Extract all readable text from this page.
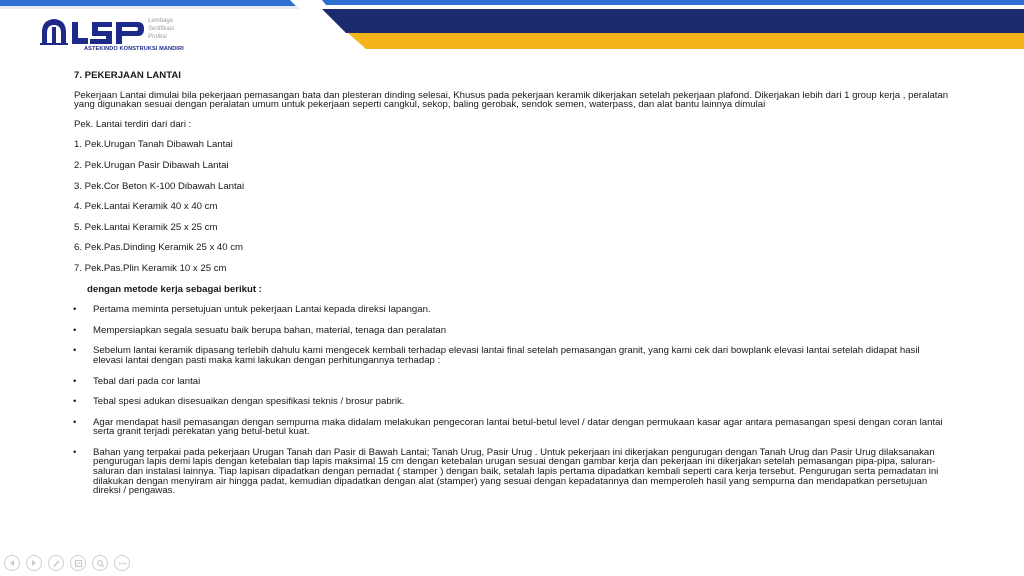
Lembaga
Sertifikasi
Profesi
ASTEKINDO KONSTRUKSI MANDIRI
7. PEKERJAAN LANTAI
Pekerjaan Lantai dimulai bila pekerjaan pemasangan bata dan plesteran dinding selesai, Khusus pada pekerjaan keramik dikerjakan setelah pekerjaan plafond. Dikerjakan lebih dari 1 group kerja , peralatan yang digunakan sesuai dengan peralatan umum untuk pekerjaan seperti cangkul, sekop, baling gerobak, sendok semen, waterpass, dan alat bantu lainnya dimulai
Pek. Lantai terdiri dari dari :
1. Pek.Urugan Tanah Dibawah Lantai
2. Pek.Urugan Pasir Dibawah Lantai
3. Pek.Cor Beton K-100 Dibawah Lantai
4. Pek.Lantai Keramik 40 x 40 cm
5. Pek.Lantai Keramik 25 x 25 cm
6. Pek.Pas.Dinding Keramik 25 x 40 cm
7. Pek.Pas.Plin Keramik 10 x 25 cm
dengan metode kerja sebagai berikut :
• Pertama meminta persetujuan untuk pekerjaan Lantai kepada direksi lapangan.
• Mempersiapkan segala sesuatu baik berupa bahan, material, tenaga dan peralatan
• Sebelum lantai keramik dipasang terlebih dahulu kami mengecek kembali terhadap elevasi lantai final setelah pemasangan granit, yang kami cek dari bowplank elevasi lantai setelah didapat hasil elevasi lantai dengan pasti maka kami lakukan dengan perhitungannya terhadap :
• Tebal dari pada cor lantai
• Tebal spesi adukan disesuaikan dengan spesifikasi teknis / brosur pabrik.
• Agar mendapat hasil pemasangan dengan sempurna maka didalam melakukan pengecoran lantai betul-betul level / datar dengan permukaan kasar agar antara pemasangan spesi dengan coran lantai serta granit terjadi perekatan yang betul-betul kuat.
• Bahan yang terpakai pada pekerjaan Urugan Tanah dan Pasir di Bawah Lantai; Tanah Urug, Pasir Urug . Untuk pekerjaan ini dikerjakan pengurugan dengan Tanah Urug dan Pasir Urug dilaksanakan pengurugan lapis demi lapis dengan ketebalan tiap lapis maksimal 15 cm dengan ketebalan urugan sesuai dengan gambar kerja dan pekerjaan ini dikerjakan setelah pemasangan pipa-pipa, saluran-saluran dan instalasi lainnya. Tiap lapisan dipadatkan dengan pemadat ( stamper ) dengan baik, setalah lapis pertama dipadatkan kembali seperti cara kerja tersebut. Pengurugan serta pemadatan ini dilakukan dengan menyiram air hingga padat, kemudian dipadatkan dengan alat (stamper) yang sesuai dengan kepadatannya dan memperoleh hasil yang sempurna dan mendapatkan persetujuan direksi / pengawas.
